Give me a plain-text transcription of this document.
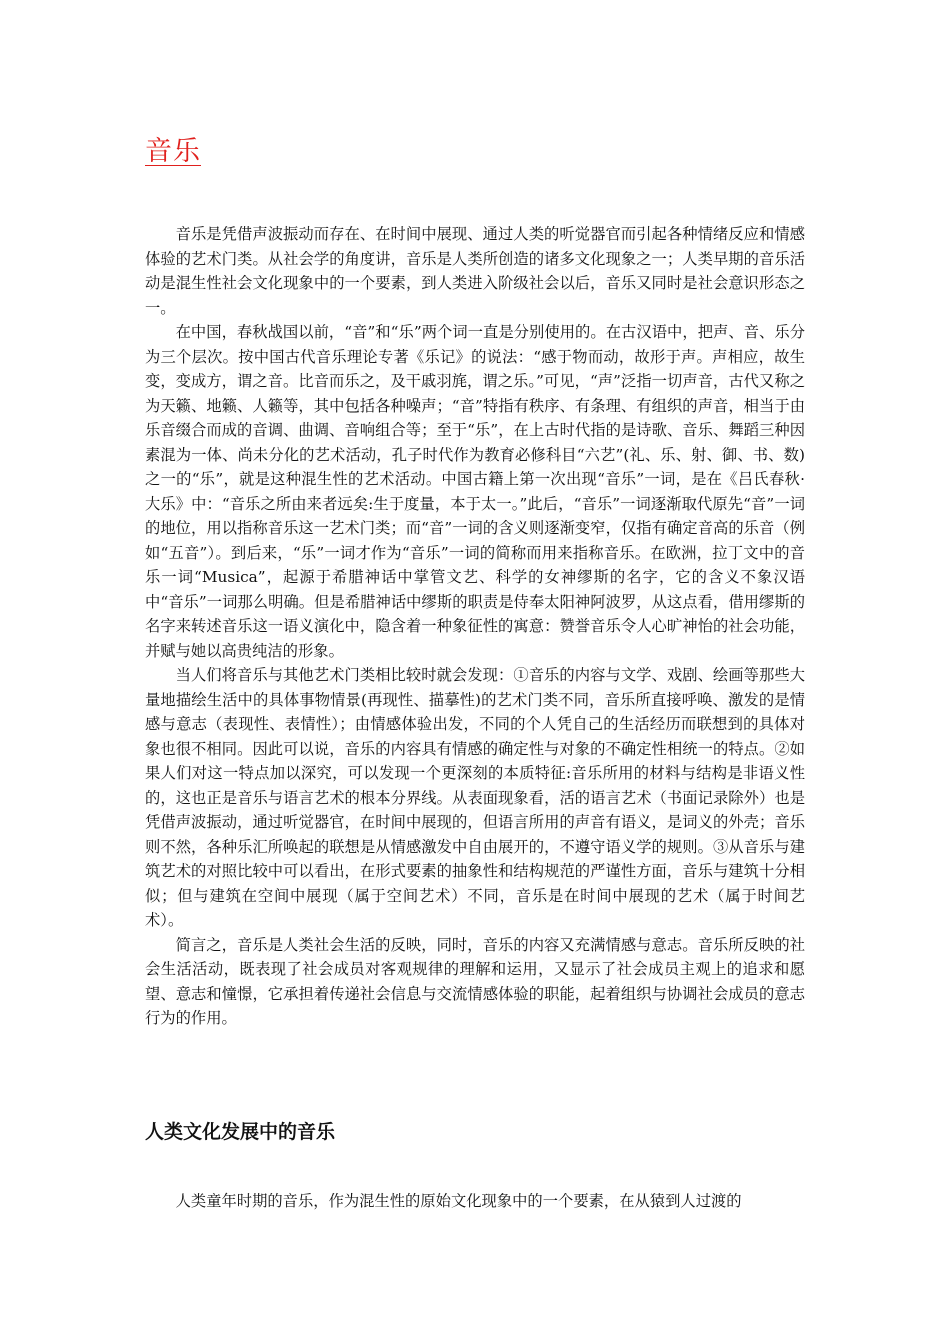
音乐

音乐是凭借声波振动而存在、在时间中展现、通过人类的听觉器官而引起各种情绪反应和情感体验的艺术门类。从社会学的角度讲，音乐是人类所创造的诸多文化现象之一；人类早期的音乐活动是混生性社会文化现象中的一个要素，到人类进入阶级社会以后，音乐又同时是社会意识形态之一。

在中国，春秋战国以前，“音”和“乐”两个词一直是分别使用的。在古汉语中，把声、音、乐分为三个层次。按中国古代音乐理论专著《乐记》的说法：“感于物而动，故形于声。声相应，故生变，变成方，谓之音。比音而乐之，及干戚羽旄，谓之乐。”可见，“声”泛指一切声音，古代又称之为天籁、地籁、人籁等，其中包括各种噪声；“音”特指有秩序、有条理、有组织的声音，相当于由乐音缀合而成的音调、曲调、音响组合等；至于“乐”，在上古时代指的是诗歌、音乐、舞蹈三种因素混为一体、尚未分化的艺术活动，孔子时代作为教育必修科目“六艺”(礼、乐、射、御、书、数)之一的“乐”，就是这种混生性的艺术活动。中国古籍上第一次出现“音乐”一词，是在《吕氏春秋·大乐》中：“音乐之所由来者远矣:生于度量，本于太一。”此后，“音乐”一词逐渐取代原先“音”一词的地位，用以指称音乐这一艺术门类；而“音”一词的含义则逐渐变窄，仅指有确定音高的乐音（例如“五音”）。到后来，“乐”一词才作为“音乐”一词的简称而用来指称音乐。在欧洲，拉丁文中的音乐一词“Musica”，起源于希腊神话中掌管文艺、科学的女神缪斯的名字，它的含义不象汉语中“音乐”一词那么明确。但是希腊神话中缪斯的职责是侍奉太阳神阿波罗，从这点看，借用缪斯的名字来转述音乐这一语义演化中，隐含着一种象征性的寓意：赞誉音乐令人心旷神怡的社会功能，并赋与她以高贵纯洁的形象。

当人们将音乐与其他艺术门类相比较时就会发现：①音乐的内容与文学、戏剧、绘画等那些大量地描绘生活中的具体事物情景(再现性、描摹性)的艺术门类不同，音乐所直接呼唤、激发的是情感与意志（表现性、表情性）；由情感体验出发，不同的个人凭自己的生活经历而联想到的具体对象也很不相同。因此可以说，音乐的内容具有情感的确定性与对象的不确定性相统一的特点。②如果人们对这一特点加以深究，可以发现一个更深刻的本质特征:音乐所用的材料与结构是非语义性的，这也正是音乐与语言艺术的根本分界线。从表面现象看，活的语言艺术（书面记录除外）也是凭借声波振动，通过听觉器官，在时间中展现的，但语言所用的声音有语义，是词义的外壳；音乐则不然，各种乐汇所唤起的联想是从情感激发中自由展开的，不遵守语义学的规则。③从音乐与建筑艺术的对照比较中可以看出，在形式要素的抽象性和结构规范的严谨性方面，音乐与建筑十分相似；但与建筑在空间中展现（属于空间艺术）不同，音乐是在时间中展现的艺术（属于时间艺术）。

简言之，音乐是人类社会生活的反映，同时，音乐的内容又充满情感与意志。音乐所反映的社会生活活动，既表现了社会成员对客观规律的理解和运用，又显示了社会成员主观上的追求和愿望、意志和憧憬，它承担着传递社会信息与交流情感体验的职能，起着组织与协调社会成员的意志行为的作用。

人类文化发展中的音乐

人类童年时期的音乐，作为混生性的原始文化现象中的一个要素，在从猿到人过渡的
